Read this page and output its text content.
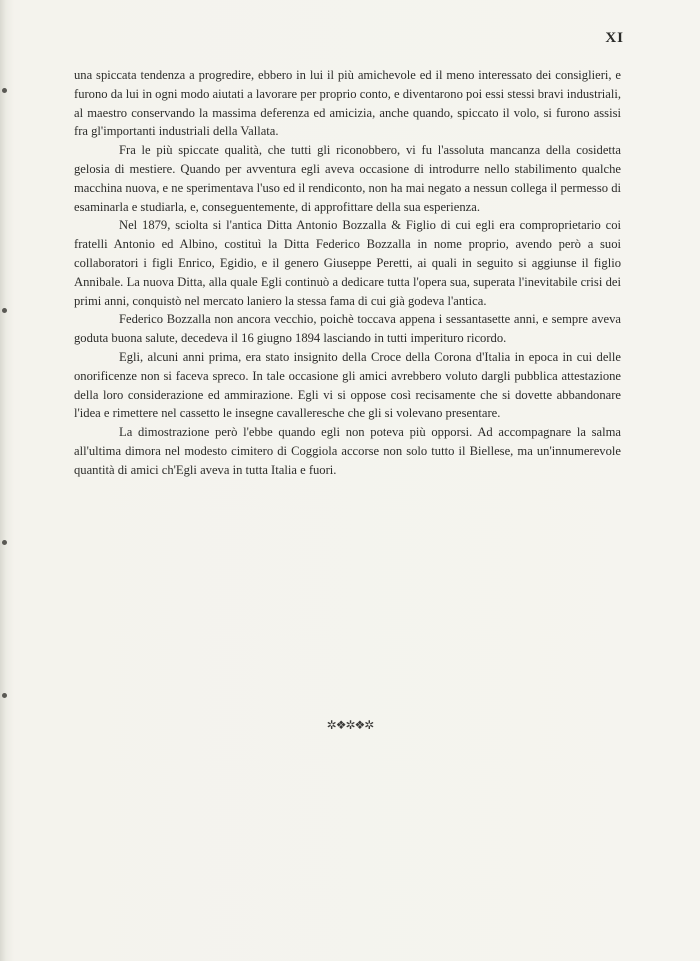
XI

una spiccata tendenza a progredire, ebbero in lui il più amichevole ed il meno interessato dei consiglieri, e furono da lui in ogni modo aiutati a lavorare per proprio conto, e diventarono poi essi stessi bravi industriali, al maestro conservando la massima deferenza ed amicizia, anche quando, spiccato il volo, si furono assisi fra gl'importanti industriali della Vallata.

Fra le più spiccate qualità, che tutti gli riconobbero, vi fu l'assoluta mancanza della cosidetta gelosia di mestiere. Quando per avventura egli aveva occasione di introdurre nello stabilimento qualche macchina nuova, e ne sperimentava l'uso ed il rendiconto, non ha mai negato a nessun collega il permesso di esaminarla e studiarla, e, conseguentemente, di approfittare della sua esperienza.

Nel 1879, sciolta si l'antica Ditta Antonio Bozzalla & Figlio di cui egli era comproprietario coi fratelli Antonio ed Albino, costituì la Ditta Federico Bozzalla in nome proprio, avendo però a suoi collaboratori i figli Enrico, Egidio, e il genero Giuseppe Peretti, ai quali in seguito si aggiunse il figlio Annibale. La nuova Ditta, alla quale Egli continuò a dedicare tutta l'opera sua, superata l'inevitabile crisi dei primi anni, conquistò nel mercato laniero la stessa fama di cui già godeva l'antica.

Federico Bozzalla non ancora vecchio, poichè toccava appena i sessantasette anni, e sempre aveva goduta buona salute, decedeva il 16 giugno 1894 lasciando in tutti imperituro ricordo.

Egli, alcuni anni prima, era stato insignito della Croce della Corona d'Italia in epoca in cui delle onorificenze non si faceva spreco. In tale occasione gli amici avrebbero voluto dargli pubblica attestazione della loro considerazione ed ammirazione. Egli vi si oppose così recisamente che si dovette abbandonare l'idea e rimettere nel cassetto le insegne cavalleresche che gli si volevano presentare.

La dimostrazione però l'ebbe quando egli non poteva più opporsi. Ad accompagnare la salma all'ultima dimora nel modesto cimitero di Coggiola accorse non solo tutto il Biellese, ma un'innumerevole quantità di amici ch'Egli aveva in tutta Italia e fuori.

✲❖✲❖✲
